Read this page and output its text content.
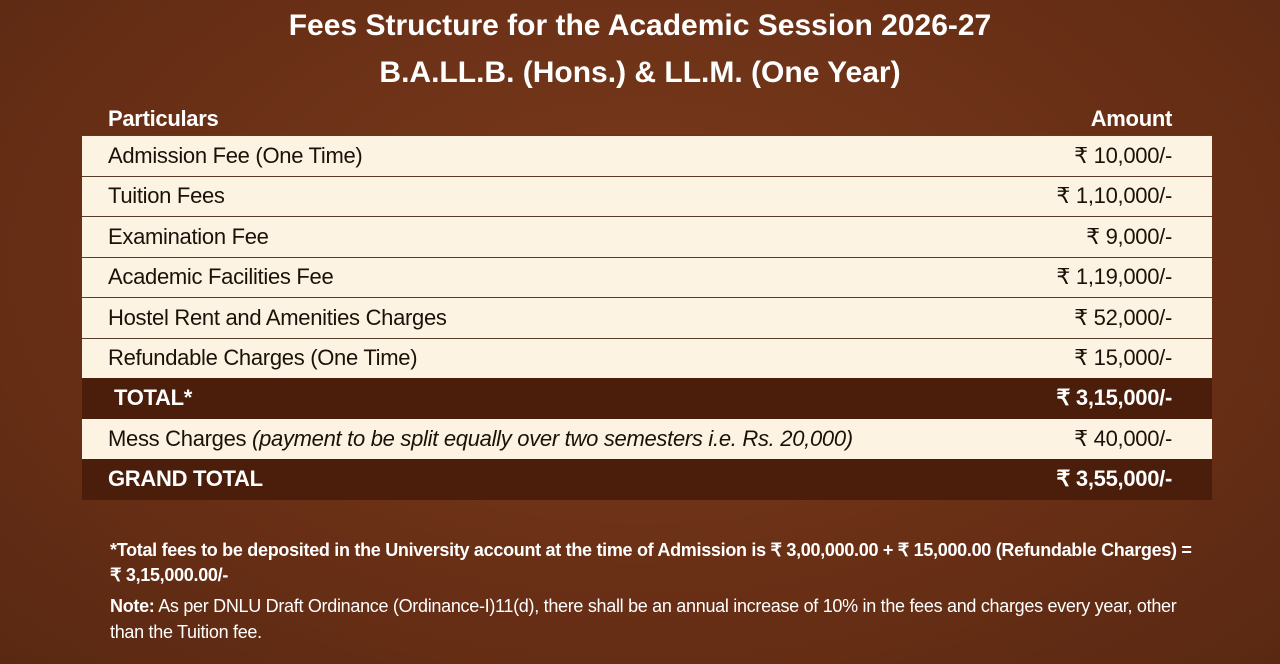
Fees Structure for the Academic Session 2026-27
B.A.LL.B. (Hons.) & LL.M. (One Year)
Particulars	Amount
Admission Fee (One Time)	₹ 10,000/-
Tuition Fees	₹ 1,10,000/-
Examination Fee	₹ 9,000/-
Academic Facilities Fee	₹ 1,19,000/-
Hostel Rent and Amenities Charges	₹ 52,000/-
Refundable Charges (One Time)	₹ 15,000/-
TOTAL*	₹ 3,15,000/-
Mess Charges (payment to be split equally over two semesters i.e. Rs. 20,000)	₹ 40,000/-
GRAND TOTAL	₹ 3,55,000/-
*Total fees to be deposited in the University account at the time of Admission is ₹ 3,00,000.00 + ₹ 15,000.00 (Refundable Charges) = ₹ 3,15,000.00/-
Note: As per DNLU Draft Ordinance (Ordinance-I)11(d), there shall be an annual increase of 10% in the fees and charges every year, other than the Tuition fee.
